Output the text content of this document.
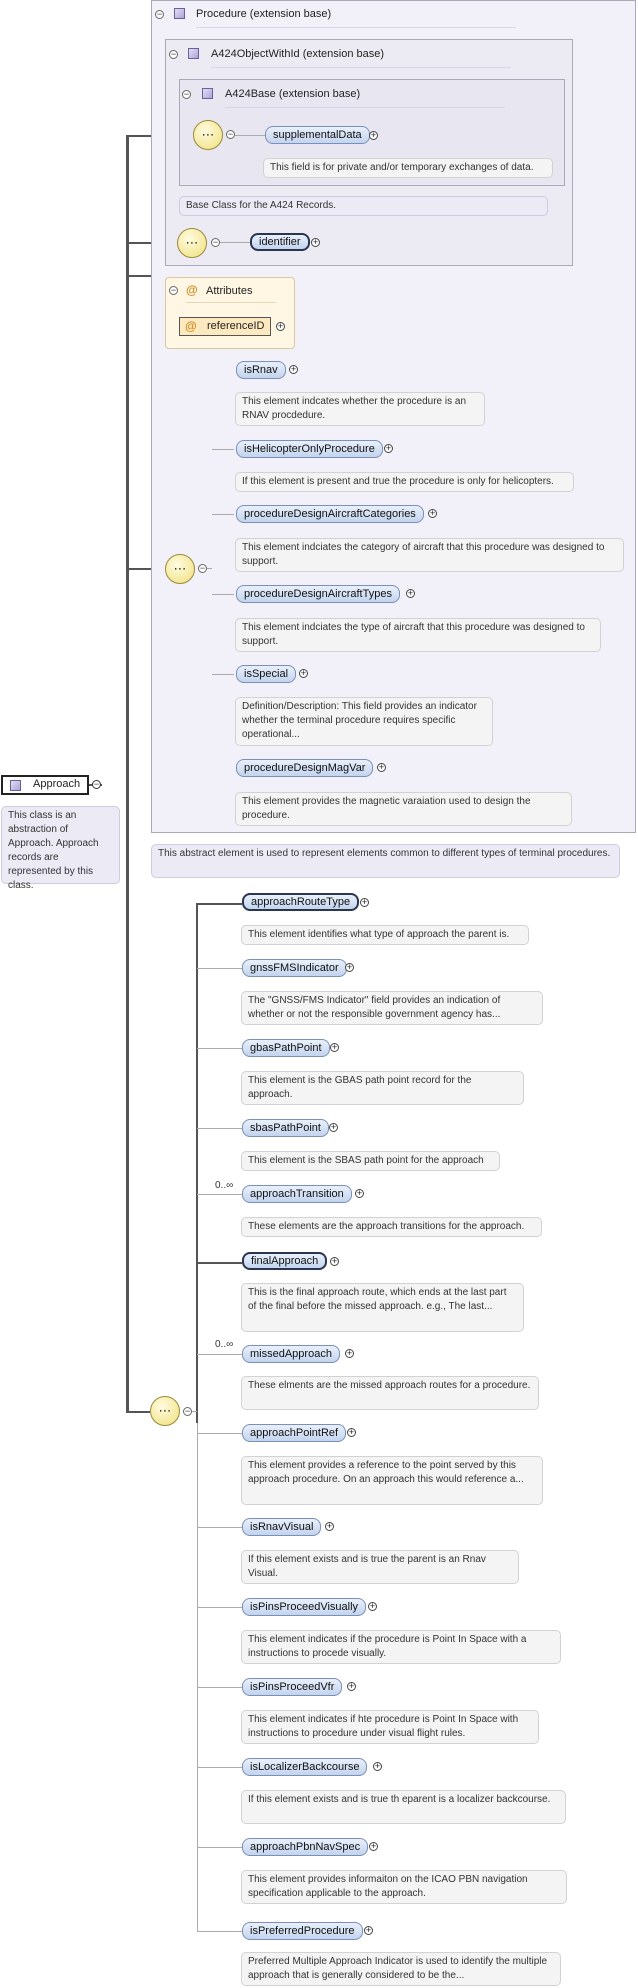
Approach −
This class is an abstraction of Approach. Approach records are represented by this class.
−	Procedure (extension base)
−	A424ObjectWithId (extension base)
−	A424Base (extension base)
⋯	−	supplementalData	+
This field is for private and/or temporary exchanges of data.
Base Class for the A424 Records.
⋯	−	identifier	+
− @ Attributes
@ referenceID +
⋯	−
isRnav	+
This element indcates whether the procedure is an RNAV procdedure.
isHelicopterOnlyProcedure	+
If this element is present and true the procedure is only for helicopters.
procedureDesignAircraftCategories	+
This element indciates the category of aircraft that this procedure was designed to support.
procedureDesignAircraftTypes	+
This element indciates the type of aircraft that this procedure was designed to support.
isSpecial	+
Definition/Description: This field provides an indicator whether the terminal procedure requires specific operational...
procedureDesignMagVar	+
This element provides the magnetic varaiation used to design the procedure.
This abstract element is used to represent elements common to different types of terminal procedures.
⋯	−
approachRouteType	+
This element identifies what type of approach the parent is.
gnssFMSIndicator +
The "GNSS/FMS Indicator" field provides an indication of whether or not the responsible government agency has...
gbasPathPoint	+
This element is the GBAS path point record for the approach.
sbasPathPoint	+
This element is the SBAS path point for the approach
0..∞
approachTransition	+
These elements are the approach transitions for the approach.
finalApproach	+
This is the final approach route, which ends at the last part of the final before the missed approach. e.g., The last...
0..∞
missedApproach	+
These elments are the missed approach routes for a procedure.
approachPointRef	+
This element provides a reference to the point served by this approach procedure. On an approach this would reference a...
isRnavVisual	+
If this element exists and is true the parent is an Rnav Visual.
isPinsProceedVisually	+
This element indicates if the procedure is Point In Space with a instructions to procede visually.
isPinsProceedVfr	+
This element indicates if hte procedure is Point In Space with instructions to procedure under visual flight rules.
isLocalizerBackcourse	+
If this element exists and is true th eparent is a localizer backcourse.
approachPbnNavSpec	+
This element provides informaiton on the ICAO PBN navigation specification applicable to the approach.
isPreferredProcedure	+
Preferred Multiple Approach Indicator is used to identify the multiple approach that is generally considered to be the...
